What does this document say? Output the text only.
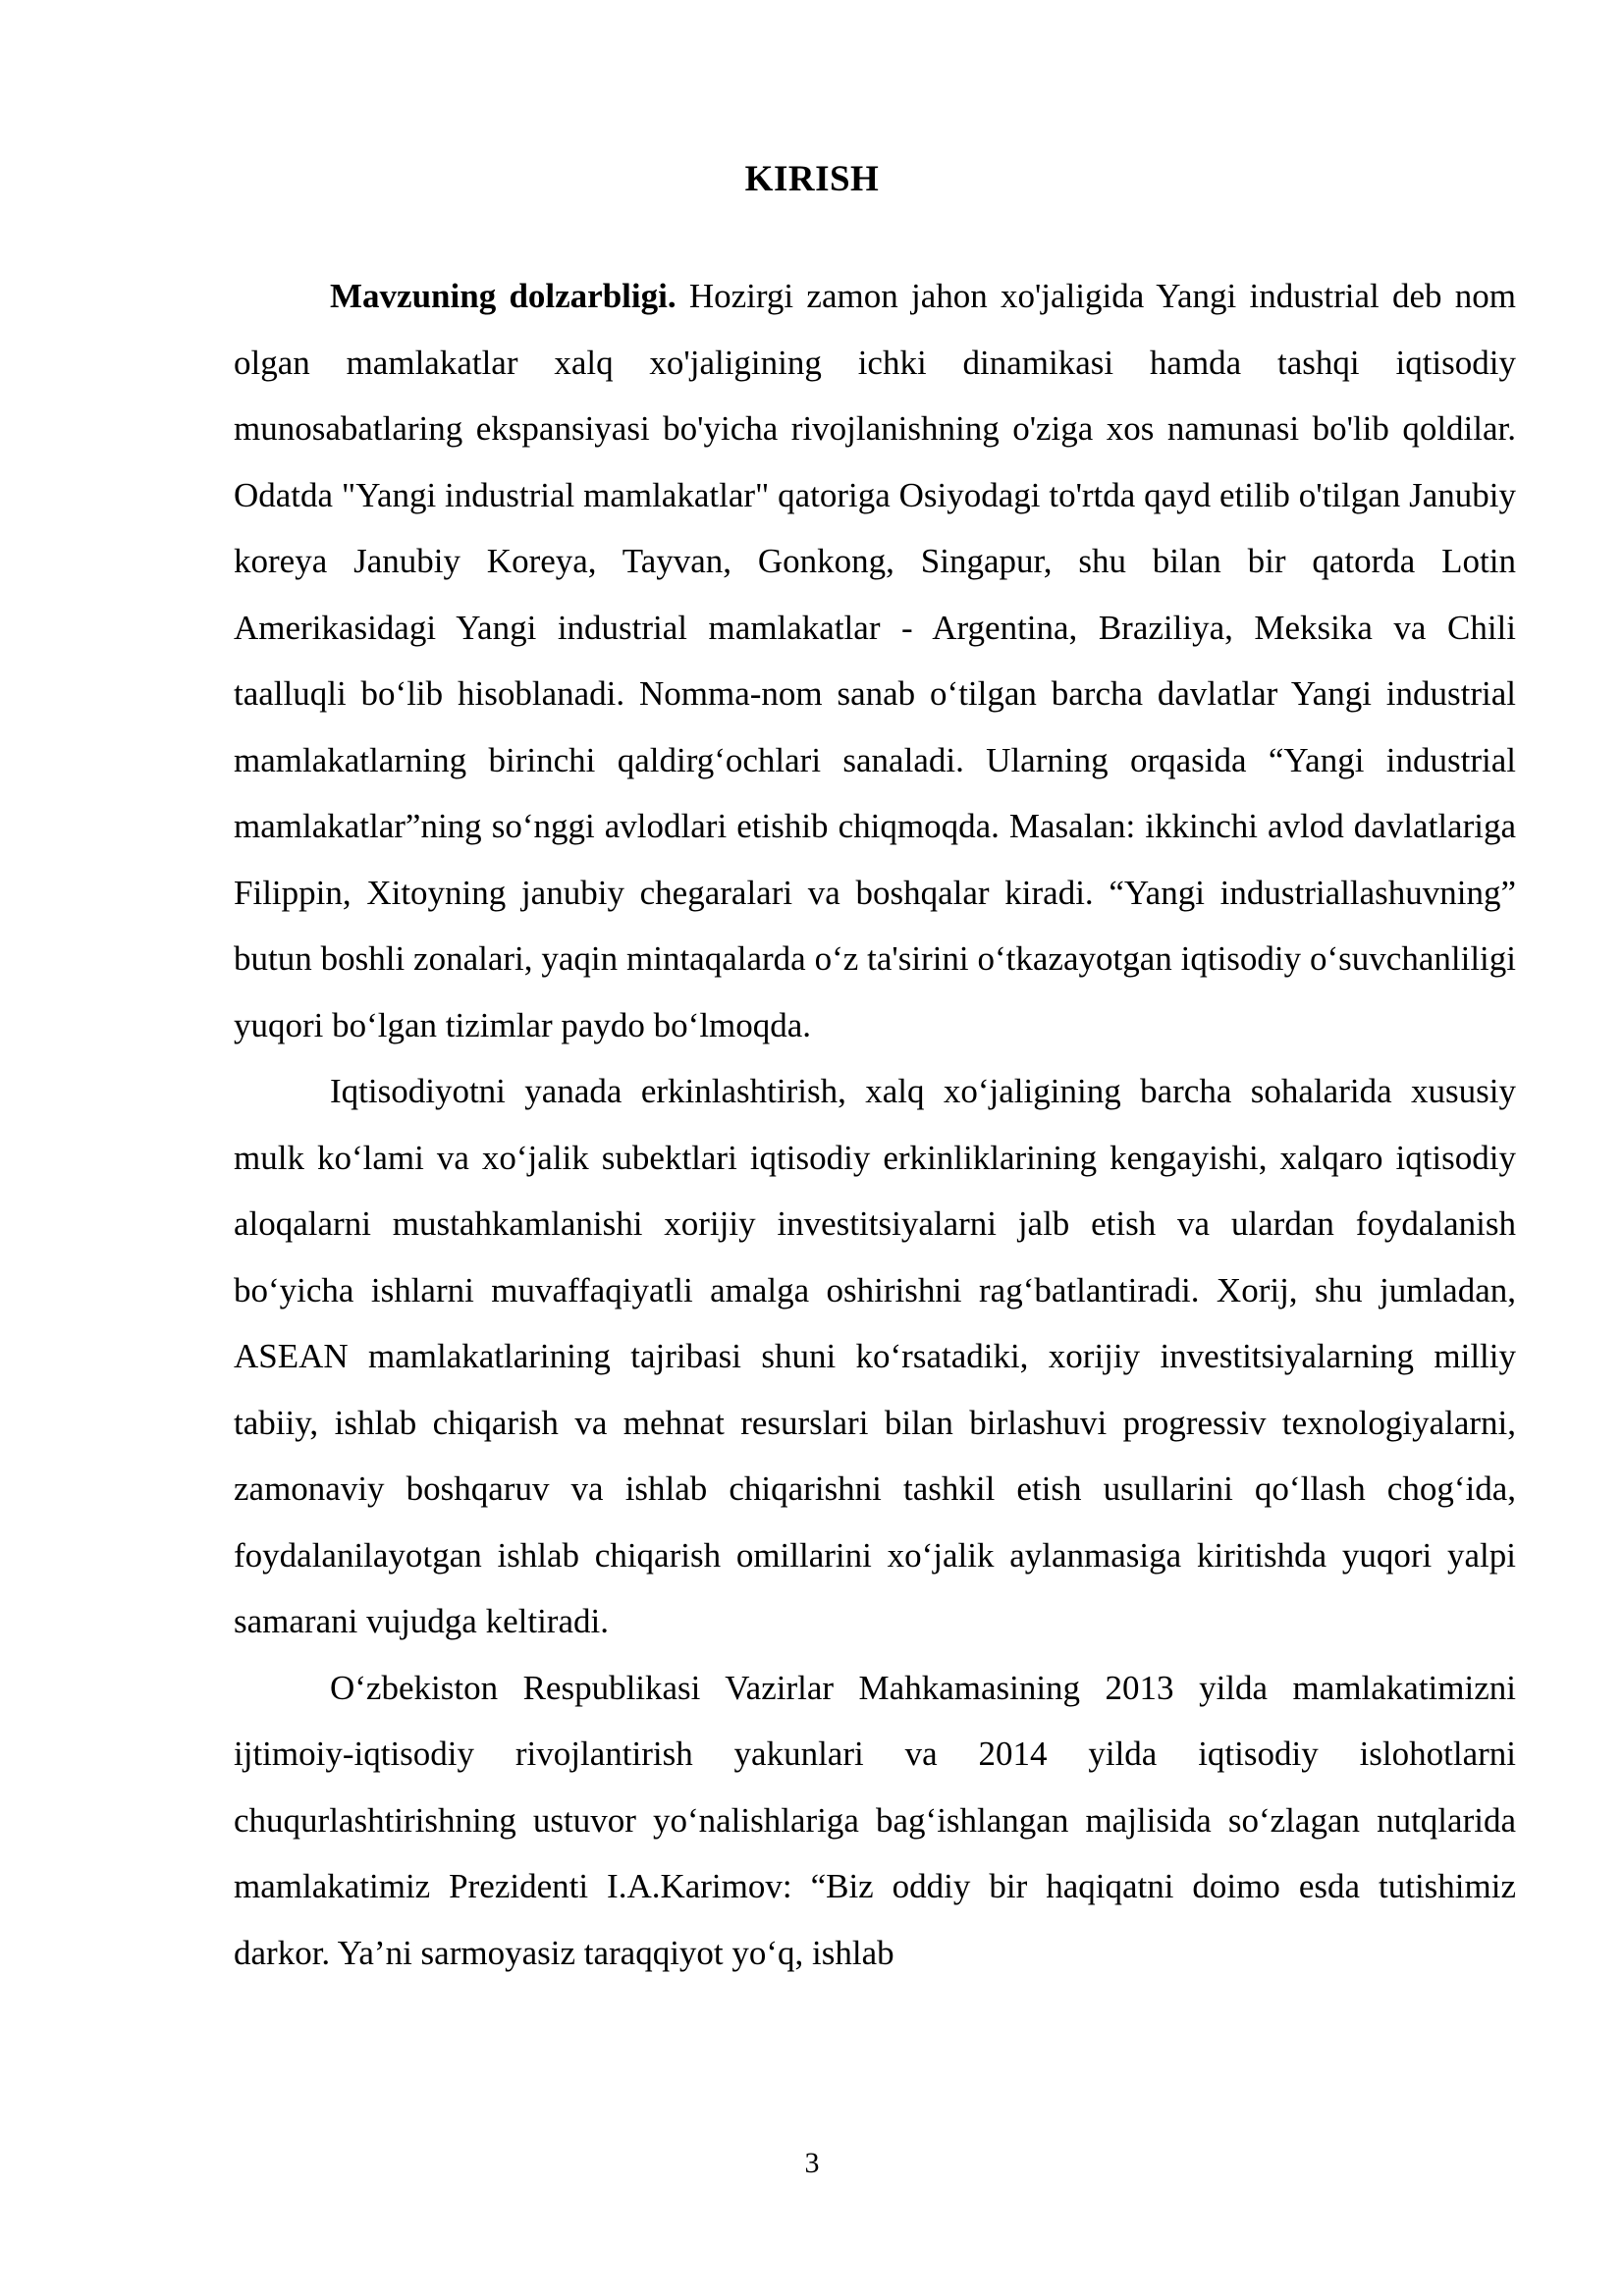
KIRISH

Mavzuning dolzarbligi. Hozirgi zamon jahon xo'jaligida Yangi industrial deb nom olgan mamlakatlar xalq xo'jaligining ichki dinamikasi hamda tashqi iqtisodiy munosabatlaring ekspansiyasi bo'yicha rivojlanishning o'ziga xos namunasi bo'lib qoldilar. Odatda "Yangi industrial mamlakatlar" qatoriga Osiyodagi to'rtda qayd etilib o'tilgan Janubiy koreya Janubiy Koreya, Tayvan, Gonkong, Singapur, shu bilan bir qatorda Lotin Amerikasidagi Yangi industrial mamlakatlar - Argentina, Braziliya, Meksika va Chili taalluqli bo‘lib hisoblanadi. Nomma-nom sanab o‘tilgan barcha davlatlar Yangi industrial mamlakatlarning birinchi qaldirg‘ochlari sanaladi. Ularning orqasida “Yangi industrial mamlakatlar”ning so‘nggi avlodlari etishib chiqmoqda. Masalan: ikkinchi avlod davlatlariga Filippin, Xitoyning janubiy chegaralari va boshqalar kiradi. “Yangi industriallashuvning” butun boshli zonalari, yaqin mintaqalarda o‘z ta'sirini o‘tkazayotgan iqtisodiy o‘suvchanliligi yuqori bo‘lgan tizimlar paydo bo‘lmoqda.

Iqtisodiyotni yanada erkinlashtirish, xalq xo‘jaligining barcha sohalarida xususiy mulk ko‘lami va xo‘jalik subektlari iqtisodiy erkinliklarining kengayishi, xalqaro iqtisodiy aloqalarni mustahkamlanishi xorijiy investitsiyalarni jalb etish va ulardan foydalanish bo‘yicha ishlarni muvaffaqiyatli amalga oshirishni rag‘batlantiradi. Xorij, shu jumladan, ASEAN mamlakatlarining tajribasi shuni ko‘rsatadiki, xorijiy investitsiyalarning milliy tabiiy, ishlab chiqarish va mehnat resurslari bilan birlashuvi progressiv texnologiyalarni, zamonaviy boshqaruv va ishlab chiqarishni tashkil etish usullarini qo‘llash chog‘ida, foydalanilayotgan ishlab chiqarish omillarini xo‘jalik aylanmasiga kiritishda yuqori yalpi samarani vujudga keltiradi.

O‘zbekiston Respublikasi Vazirlar Mahkamasining 2013 yilda mamlakatimizni ijtimoiy-iqtisodiy rivojlantirish yakunlari va 2014 yilda iqtisodiy islohotlarni chuqurlashtirishning ustuvor yo‘nalishlariga bag‘ishlangan majlisida so‘zlagan nutqlarida mamlakatimiz Prezidenti I.A.Karimov: “Biz oddiy bir haqiqatni doimo esda tutishimiz darkor. Ya’ni sarmoyasiz taraqqiyot yo‘q, ishlab

3
